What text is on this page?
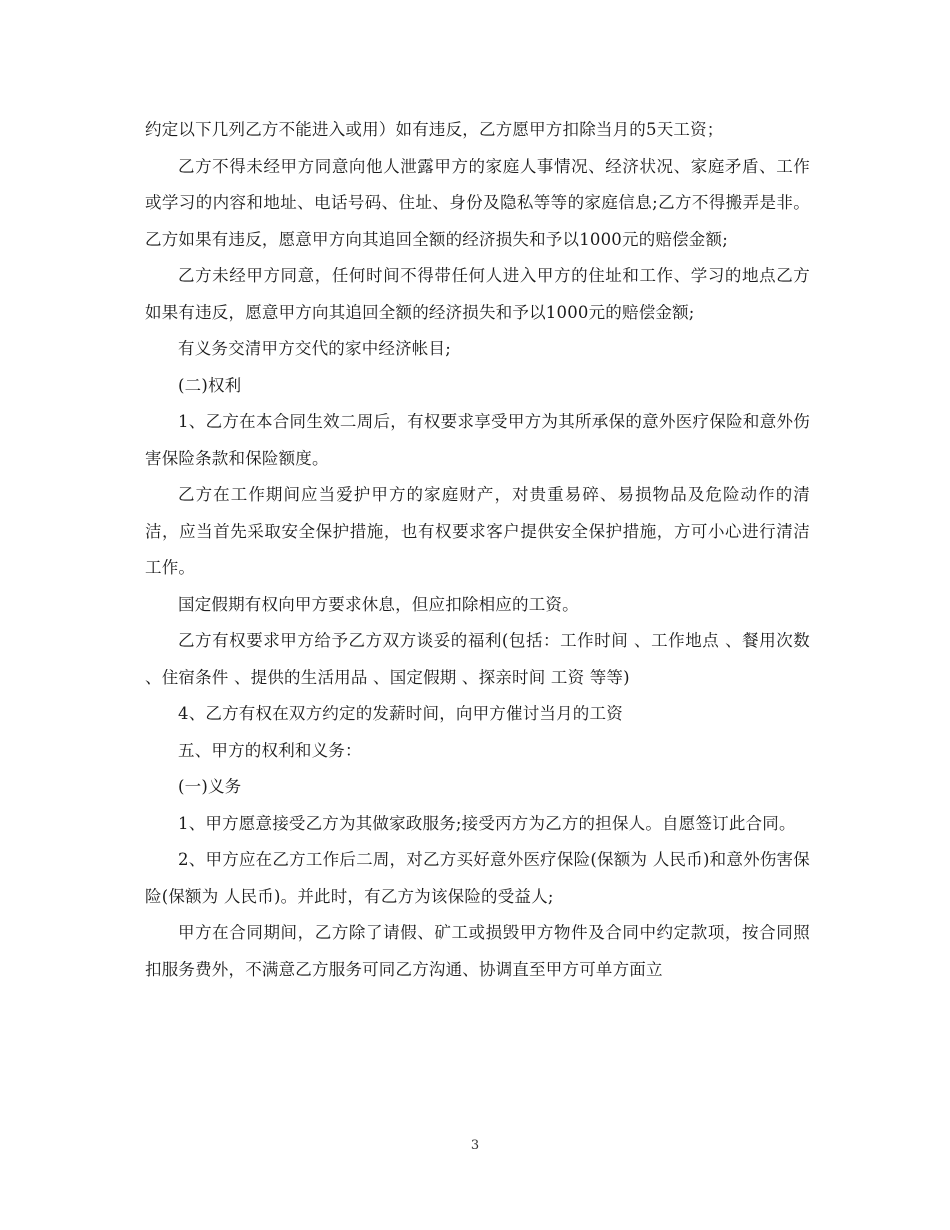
约定以下几列乙方不能进入或用）如有违反，乙方愿甲方扣除当月的5天工资；

乙方不得未经甲方同意向他人泄露甲方的家庭人事情况、经济状况、家庭矛盾、工作或学习的内容和地址、电话号码、住址、身份及隐私等等的家庭信息;乙方不得搬弄是非。乙方如果有违反，愿意甲方向其追回全额的经济损失和予以1000元的赔偿金额;

乙方未经甲方同意，任何时间不得带任何人进入甲方的住址和工作、学习的地点乙方如果有违反，愿意甲方向其追回全额的经济损失和予以1000元的赔偿金额;

有义务交清甲方交代的家中经济帐目;

(二)权利

1、乙方在本合同生效二周后，有权要求享受甲方为其所承保的意外医疗保险和意外伤害保险条款和保险额度。

乙方在工作期间应当爱护甲方的家庭财产，对贵重易碎、易损物品及危险动作的清洁，应当首先采取安全保护措施，也有权要求客户提供安全保护措施，方可小心进行清洁工作。

国定假期有权向甲方要求休息，但应扣除相应的工资。

乙方有权要求甲方给予乙方双方谈妥的福利(包括：工作时间 、工作地点 、餐用次数 、住宿条件 、提供的生活用品 、国定假期 、探亲时间 工资 等等)

4、乙方有权在双方约定的发薪时间，向甲方催讨当月的工资

五、甲方的权利和义务：

(一)义务

1、甲方愿意接受乙方为其做家政服务;接受丙方为乙方的担保人。自愿签订此合同。

2、甲方应在乙方工作后二周，对乙方买好意外医疗保险(保额为 人民币)和意外伤害保险(保额为 人民币)。并此时，有乙方为该保险的受益人;

甲方在合同期间，乙方除了请假、矿工或损毁甲方物件及合同中约定款项，按合同照扣服务费外，不满意乙方服务可同乙方沟通、协调直至甲方可单方面立

3
